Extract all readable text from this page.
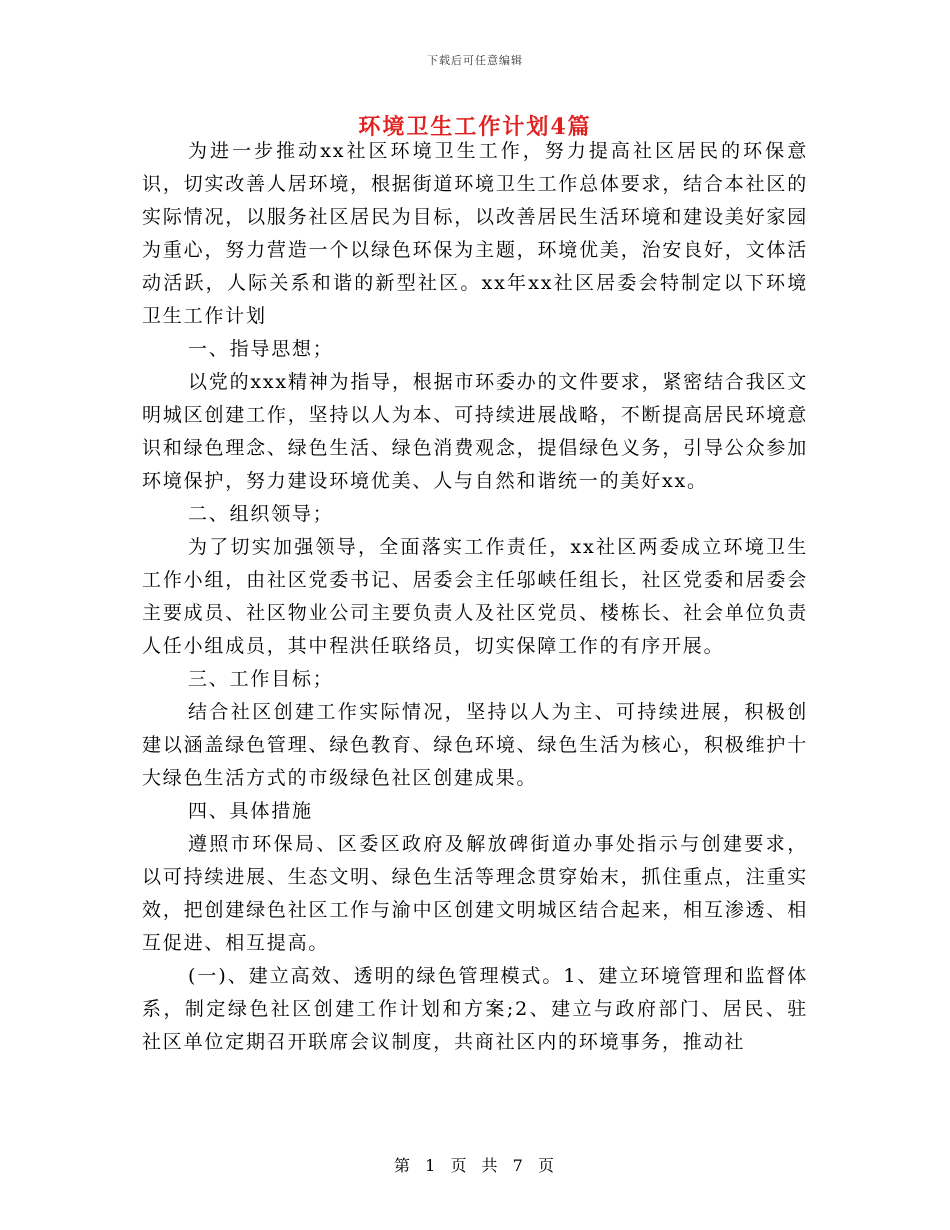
下载后可任意编辑
环境卫生工作计划4篇

为进一步推动xx社区环境卫生工作，努力提高社区居民的环保意识，切实改善人居环境，根据街道环境卫生工作总体要求，结合本社区的实际情况，以服务社区居民为目标，以改善居民生活环境和建设美好家园为重心，努力营造一个以绿色环保为主题，环境优美，治安良好，文体活动活跃，人际关系和谐的新型社区。xx年xx社区居委会特制定以下环境卫生工作计划

一、指导思想；

以党的xxx精神为指导，根据市环委办的文件要求，紧密结合我区文明城区创建工作，坚持以人为本、可持续进展战略，不断提高居民环境意识和绿色理念、绿色生活、绿色消费观念，提倡绿色义务，引导公众参加环境保护，努力建设环境优美、人与自然和谐统一的美好xx。

二、组织领导；

为了切实加强领导，全面落实工作责任，xx社区两委成立环境卫生工作小组，由社区党委书记、居委会主任邬峡任组长，社区党委和居委会主要成员、社区物业公司主要负责人及社区党员、楼栋长、社会单位负责人任小组成员，其中程洪任联络员，切实保障工作的有序开展。

三、工作目标；

结合社区创建工作实际情况，坚持以人为主、可持续进展，积极创建以涵盖绿色管理、绿色教育、绿色环境、绿色生活为核心，积极维护十大绿色生活方式的市级绿色社区创建成果。

四、具体措施

遵照市环保局、区委区政府及解放碑街道办事处指示与创建要求，以可持续进展、生态文明、绿色生活等理念贯穿始末，抓住重点，注重实效，把创建绿色社区工作与渝中区创建文明城区结合起来，相互渗透、相互促进、相互提高。

(一)、建立高效、透明的绿色管理模式。1、建立环境管理和监督体系，制定绿色社区创建工作计划和方案;2、建立与政府部门、居民、驻社区单位定期召开联席会议制度，共商社区内的环境事务，推动社

第 1 页 共 7 页
